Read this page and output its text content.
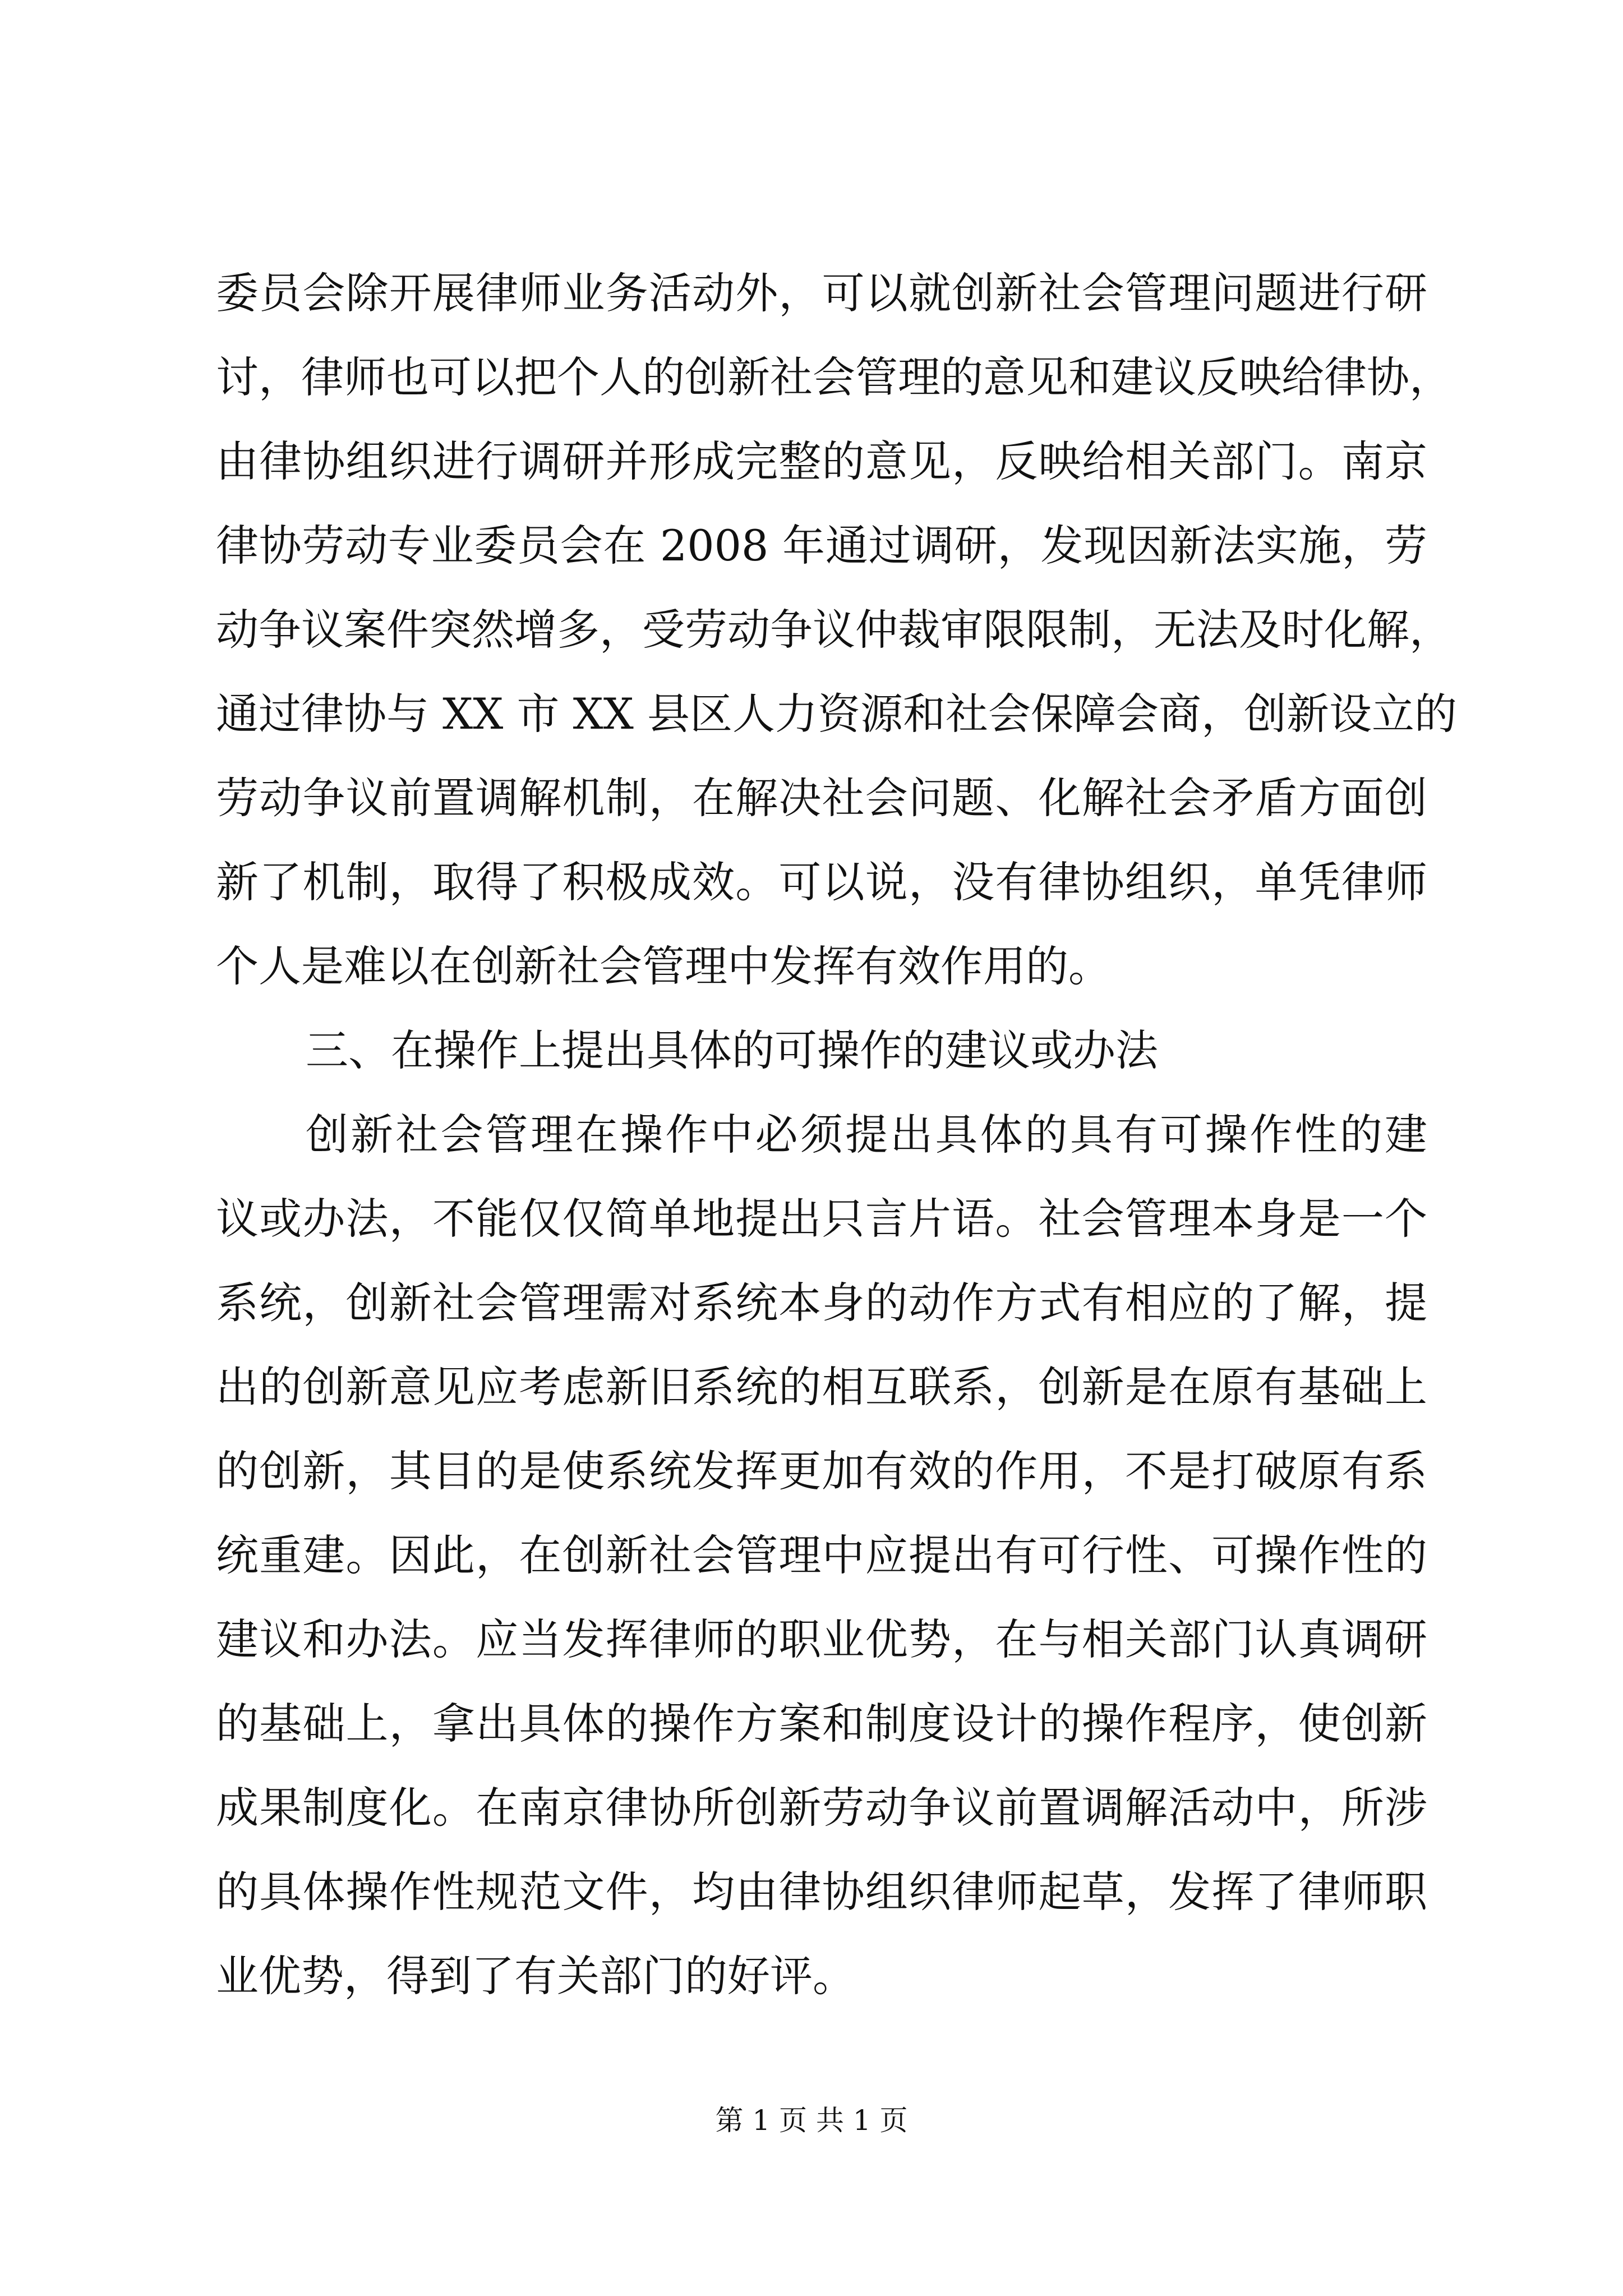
委员会除开展律师业务活动外，可以就创新社会管理问题进行研
讨，律师也可以把个人的创新社会管理的意见和建议反映给律协，
由律协组织进行调研并形成完整的意见，反映给相关部门。南京
律协劳动专业委员会在 2008 年通过调研，发现因新法实施，劳
动争议案件突然增多，受劳动争议仲裁审限限制，无法及时化解，
通过律协与 XX 市 XX 县区人力资源和社会保障会商，创新设立的
劳动争议前置调解机制，在解决社会问题、化解社会矛盾方面创
新了机制，取得了积极成效。可以说，没有律协组织，单凭律师
个人是难以在创新社会管理中发挥有效作用的。
三、在操作上提出具体的可操作的建议或办法
创新社会管理在操作中必须提出具体的具有可操作性的建
议或办法，不能仅仅简单地提出只言片语。社会管理本身是一个
系统，创新社会管理需对系统本身的动作方式有相应的了解，提
出的创新意见应考虑新旧系统的相互联系，创新是在原有基础上
的创新，其目的是使系统发挥更加有效的作用，不是打破原有系
统重建。因此，在创新社会管理中应提出有可行性、可操作性的
建议和办法。应当发挥律师的职业优势，在与相关部门认真调研
的基础上，拿出具体的操作方案和制度设计的操作程序，使创新
成果制度化。在南京律协所创新劳动争议前置调解活动中，所涉
的具体操作性规范文件，均由律协组织律师起草，发挥了律师职
业优势，得到了有关部门的好评。
第 1 页 共 1 页
